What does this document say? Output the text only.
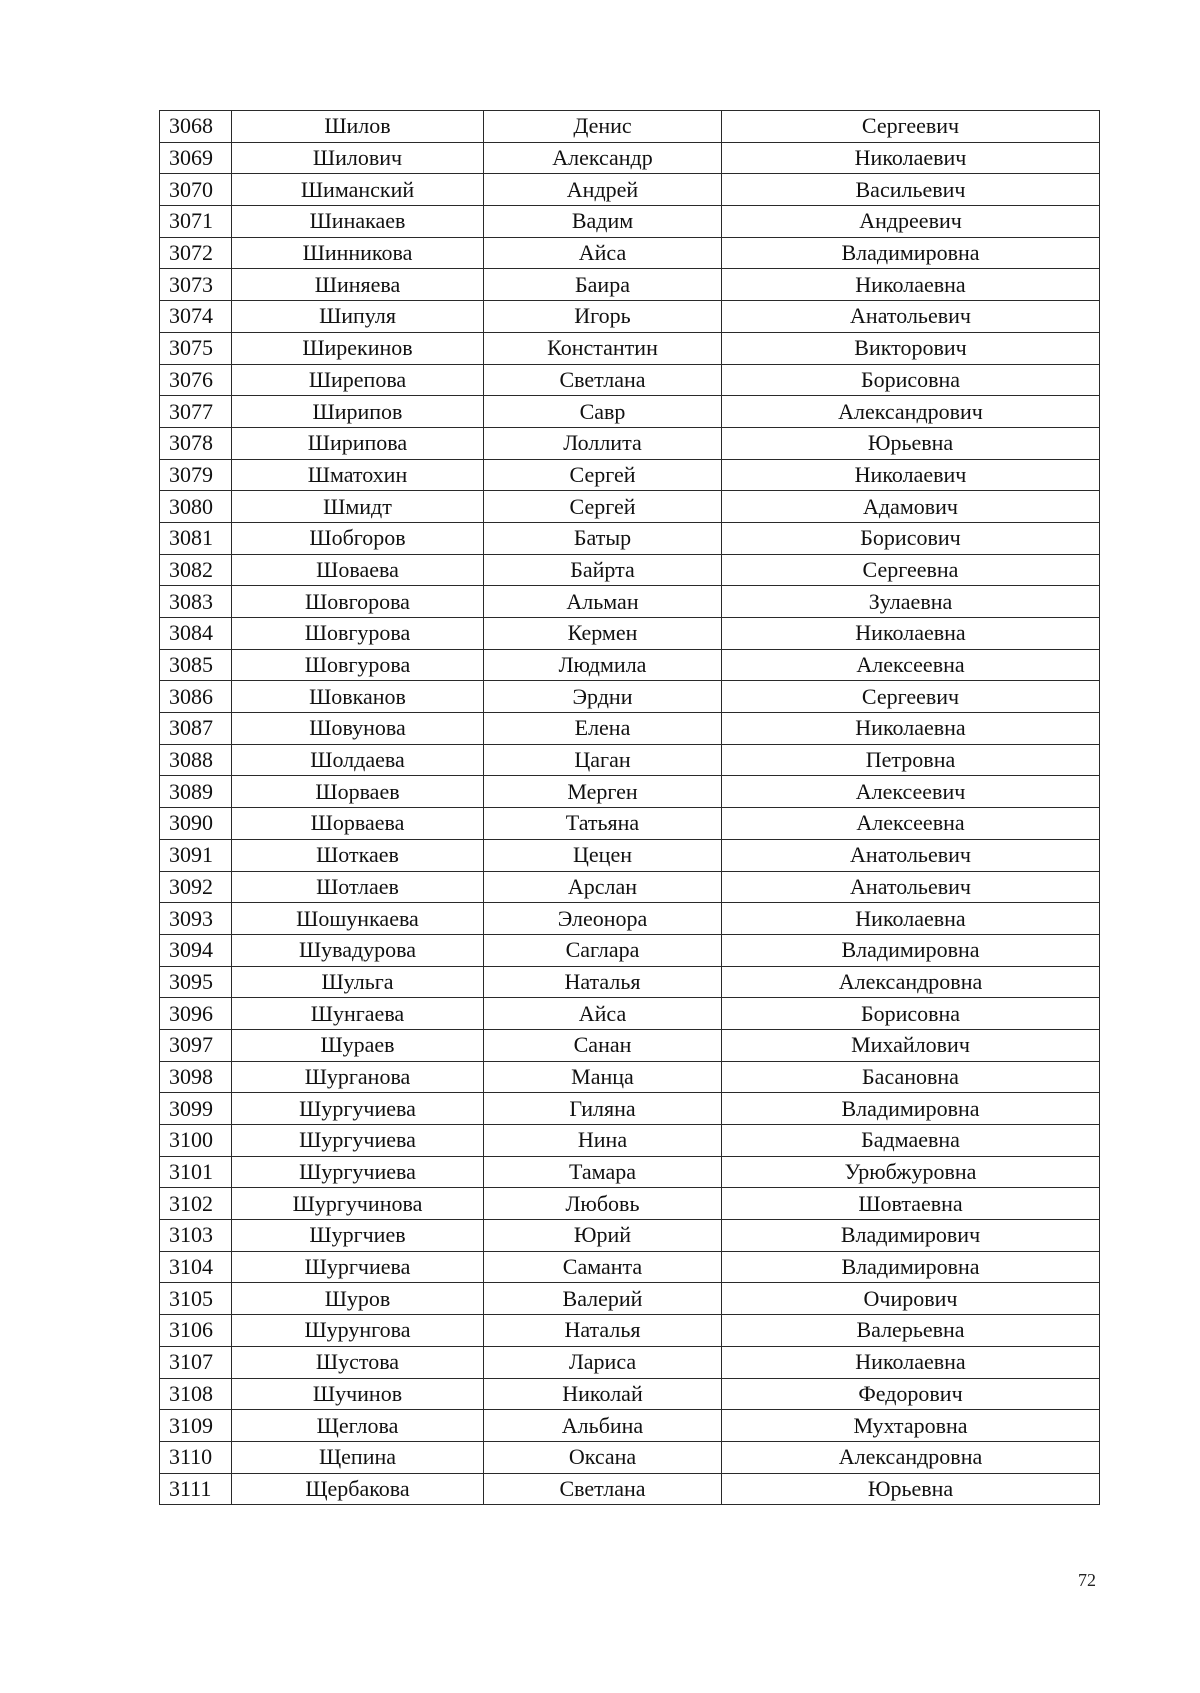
3068	Шилов	Денис	Сергеевич
3069	Шилович	Александр	Николаевич
3070	Шиманский	Андрей	Васильевич
3071	Шинакаев	Вадим	Андреевич
3072	Шинникова	Айса	Владимировна
3073	Шиняева	Баира	Николаевна
3074	Шипуля	Игорь	Анатольевич
3075	Ширекинов	Константин	Викторович
3076	Ширепова	Светлана	Борисовна
3077	Ширипов	Савр	Александрович
3078	Ширипова	Лоллита	Юрьевна
3079	Шматохин	Сергей	Николаевич
3080	Шмидт	Сергей	Адамович
3081	Шобгоров	Батыр	Борисович
3082	Шоваева	Байрта	Сергеевна
3083	Шовгорова	Альман	Зулаевна
3084	Шовгурова	Кермен	Николаевна
3085	Шовгурова	Людмила	Алексеевна
3086	Шовканов	Эрдни	Сергеевич
3087	Шовунова	Елена	Николаевна
3088	Шолдаева	Цаган	Петровна
3089	Шорваев	Мерген	Алексеевич
3090	Шорваева	Татьяна	Алексеевна
3091	Шоткаев	Цецен	Анатольевич
3092	Шотлаев	Арслан	Анатольевич
3093	Шошункаева	Элеонора	Николаевна
3094	Шувадурова	Саглара	Владимировна
3095	Шульга	Наталья	Александровна
3096	Шунгаева	Айса	Борисовна
3097	Шураев	Санан	Михайлович
3098	Шурганова	Манца	Басановна
3099	Шургучиева	Гиляна	Владимировна
3100	Шургучиева	Нина	Бадмаевна
3101	Шургучиева	Тамара	Урюбжуровна
3102	Шургучинова	Любовь	Шовтаевна
3103	Шургчиев	Юрий	Владимирович
3104	Шургчиева	Саманта	Владимировна
3105	Шуров	Валерий	Очирович
3106	Шурунгова	Наталья	Валерьевна
3107	Шустова	Лариса	Николаевна
3108	Шучинов	Николай	Федорович
3109	Щеглова	Альбина	Мухтаровна
3110	Щепина	Оксана	Александровна
3111	Щербакова	Светлана	Юрьевна
72
